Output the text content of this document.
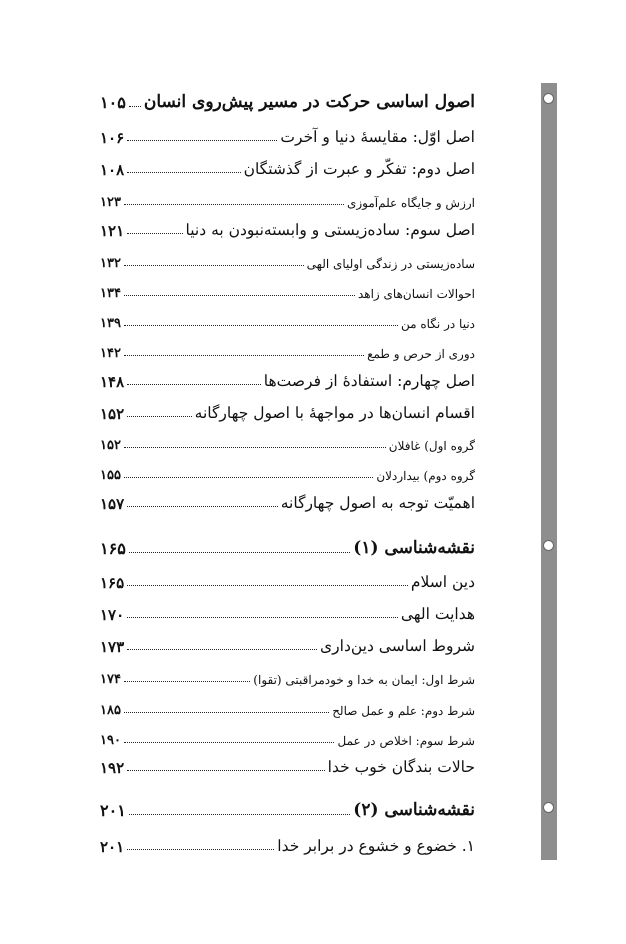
اصول اساسی حرکت در مسیر پیش‌روی انسان
۱۰۵
اصل اوّل: مقایسهٔ دنیا و آخرت
۱۰۶
اصل دوم: تفکّر و عبرت از گذشتگان
۱۰۸
ارزش و جایگاه علم‌آموزی
۱۲۳
اصل سوم: ساده‌زیستی و وابسته‌نبودن به دنیا
۱۲۱
ساده‌زیستی در زندگی اولیای الهی
۱۳۲
احوالات انسان‌های زاهد
۱۳۴
دنیا در نگاه من
۱۳۹
دوری از حرص و طمع
۱۴۲
اصل چهارم: استفادهٔ از فرصت‌ها
۱۴۸
اقسام انسان‌ها در مواجههٔ با اصول چهارگانه
۱۵۲
گروه اول) غافلان
۱۵۲
گروه دوم) بیداردلان
۱۵۵
اهمیّت توجه به اصول چهارگانه
۱۵۷
نقشه‌شناسی (۱)
۱۶۵
دین اسلام
۱۶۵
هدایت الهی
۱۷۰
شروط اساسی دین‌داری
۱۷۳
شرط اول: ایمان به خدا و خودمراقبتی (تقوا)
۱۷۴
شرط دوم: علم و عمل صالح
۱۸۵
شرط سوم: اخلاص در عمل
۱۹۰
حالات بندگان خوب خدا
۱۹۲
نقشه‌شناسی (۲)
۲۰۱
۱. خضوع و خشوع در برابر خدا
۲۰۱
